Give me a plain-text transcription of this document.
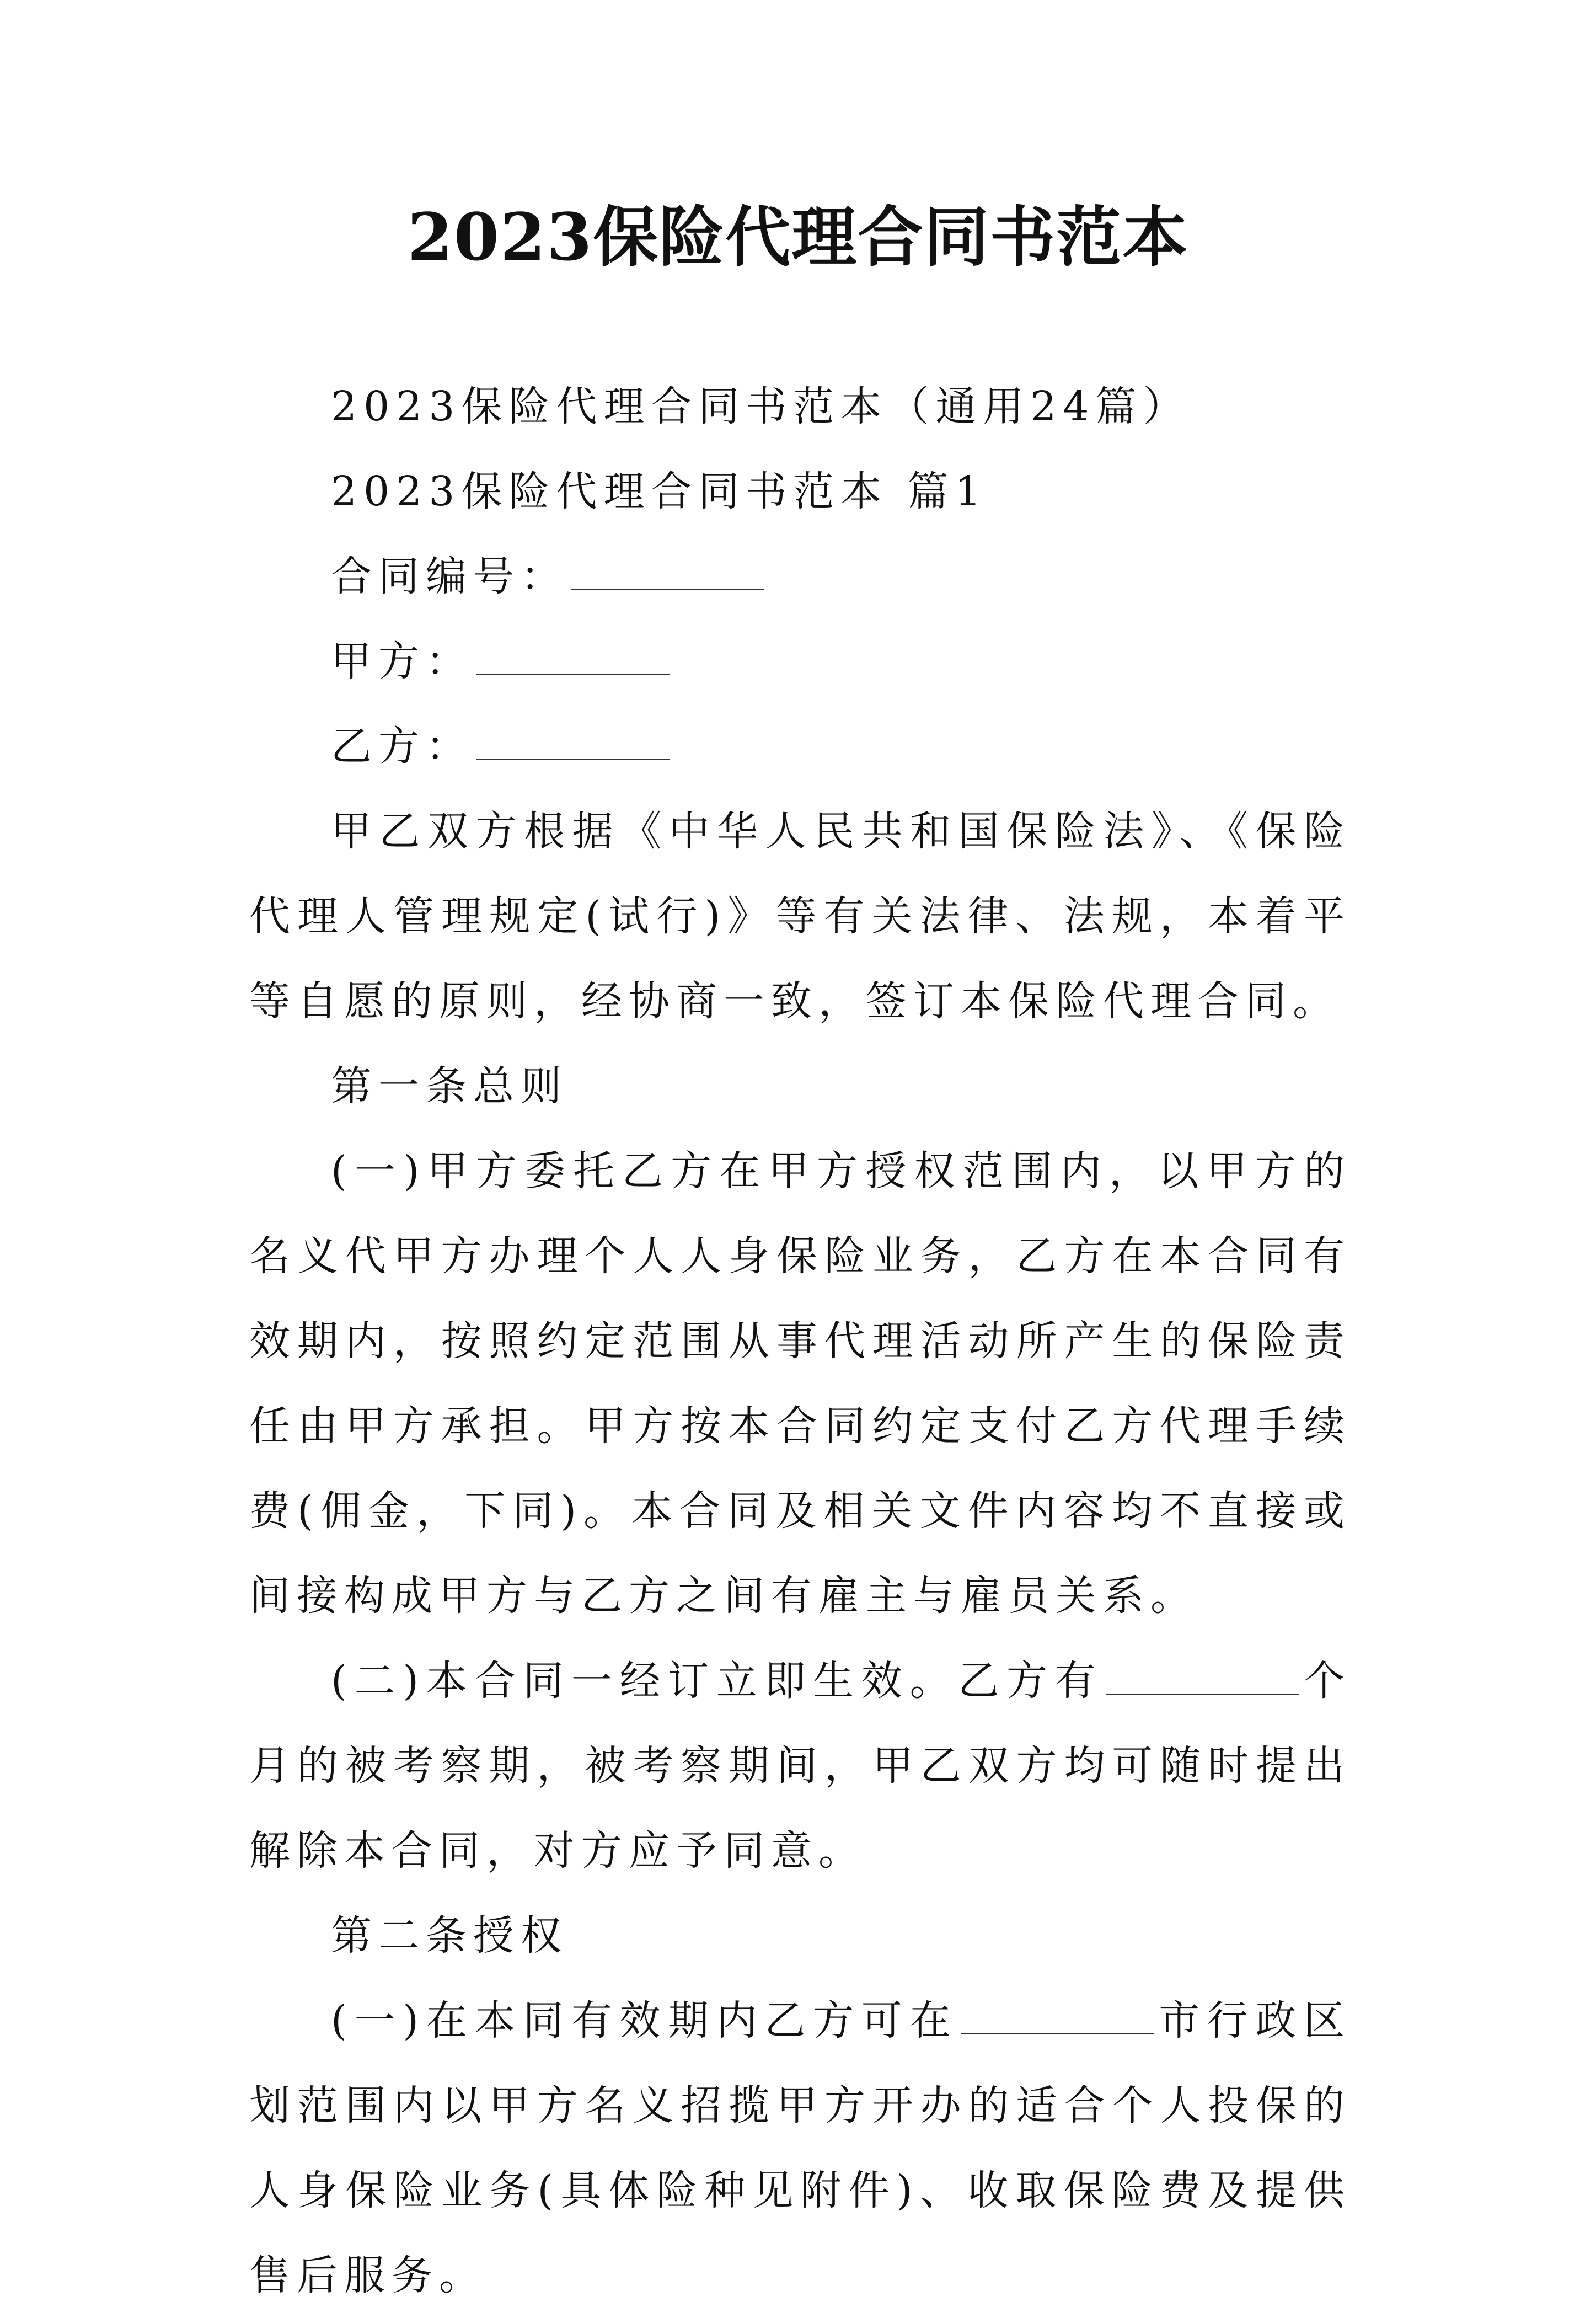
2023保险代理合同书范本

2023保险代理合同书范本（通用24篇）

2023保险代理合同书范本 篇1

合同编号：

甲方：

乙方：

甲乙双方根据《中华人民共和国保险法》、《保险代理人管理规定(试行)》等有关法律、法规，本着平等自愿的原则，经协商一致，签订本保险代理合同。

第一条总则

(一)甲方委托乙方在甲方授权范围内，以甲方的名义代甲方办理个人人身保险业务，乙方在本合同有效期内，按照约定范围从事代理活动所产生的保险责任由甲方承担。甲方按本合同约定支付乙方代理手续费(佣金，下同)。本合同及相关文件内容均不直接或间接构成甲方与乙方之间有雇主与雇员关系。

(二)本合同一经订立即生效。乙方有	个月的被考察期，被考察期间，甲乙双方均可随时提出解除本合同，对方应予同意。

第二条授权

(一)在本同有效期内乙方可在	市行政区划范围内以甲方名义招揽甲方开办的适合个人投保的人身保险业务(具体险种见附件)、收取保险费及提供售后服务。
